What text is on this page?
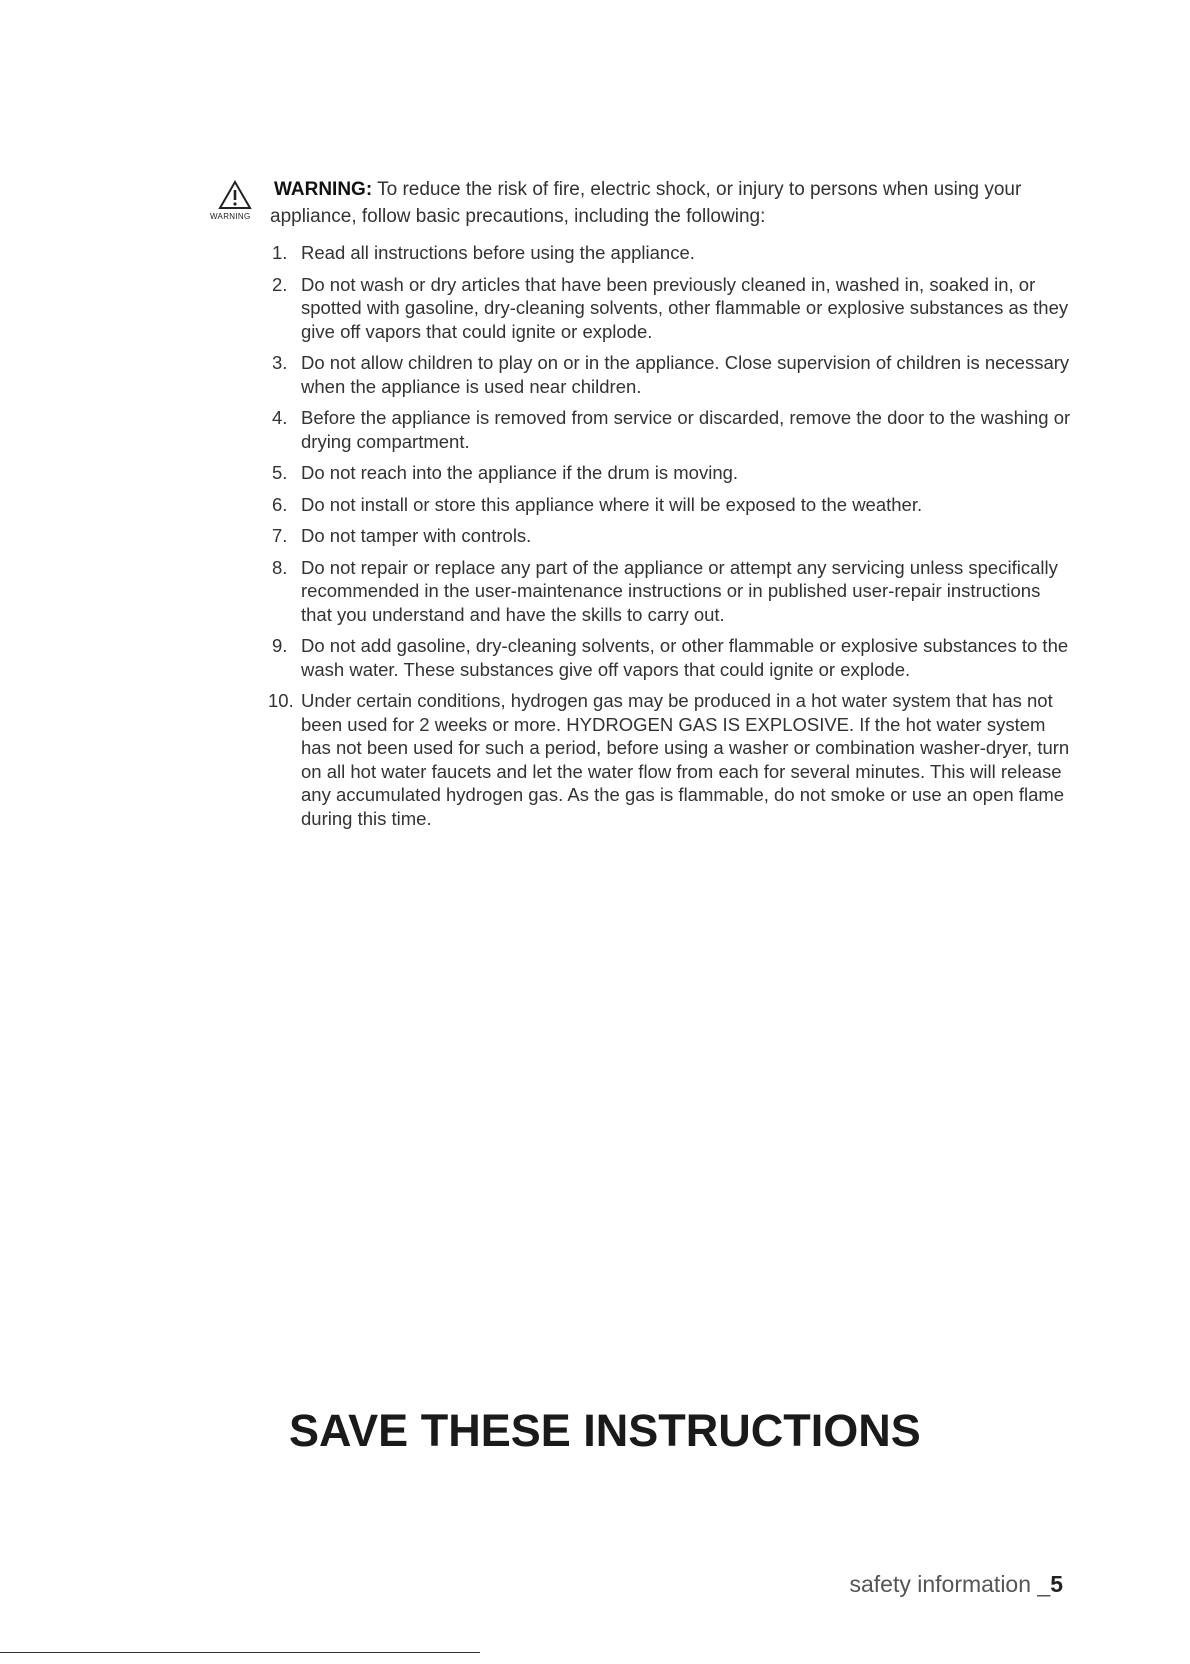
WARNING
WARNING: To reduce the risk of fire, electric shock, or injury to persons when using your
appliance, follow basic precautions, including the following:
1. Read all instructions before using the appliance.
2. Do not wash or dry articles that have been previously cleaned in, washed in, soaked in, or spotted with gasoline, dry-cleaning solvents, other flammable or explosive substances as they give off vapors that could ignite or explode.
3. Do not allow children to play on or in the appliance. Close supervision of children is necessary when the appliance is used near children.
4. Before the appliance is removed from service or discarded, remove the door to the washing or drying compartment.
5. Do not reach into the appliance if the drum is moving.
6. Do not install or store this appliance where it will be exposed to the weather.
7. Do not tamper with controls.
8. Do not repair or replace any part of the appliance or attempt any servicing unless specifically recommended in the user-maintenance instructions or in published user-repair instructions that you understand and have the skills to carry out.
9. Do not add gasoline, dry-cleaning solvents, or other flammable or explosive substances to the wash water. These substances give off vapors that could ignite or explode.
10. Under certain conditions, hydrogen gas may be produced in a hot water system that has not been used for 2 weeks or more. HYDROGEN GAS IS EXPLOSIVE. If the hot water system has not been used for such a period, before using a washer or combination washer-dryer, turn on all hot water faucets and let the water flow from each for several minutes. This will release any accumulated hydrogen gas. As the gas is flammable, do not smoke or use an open flame during this time.
SAVE THESE INSTRUCTIONS
safety information _5
